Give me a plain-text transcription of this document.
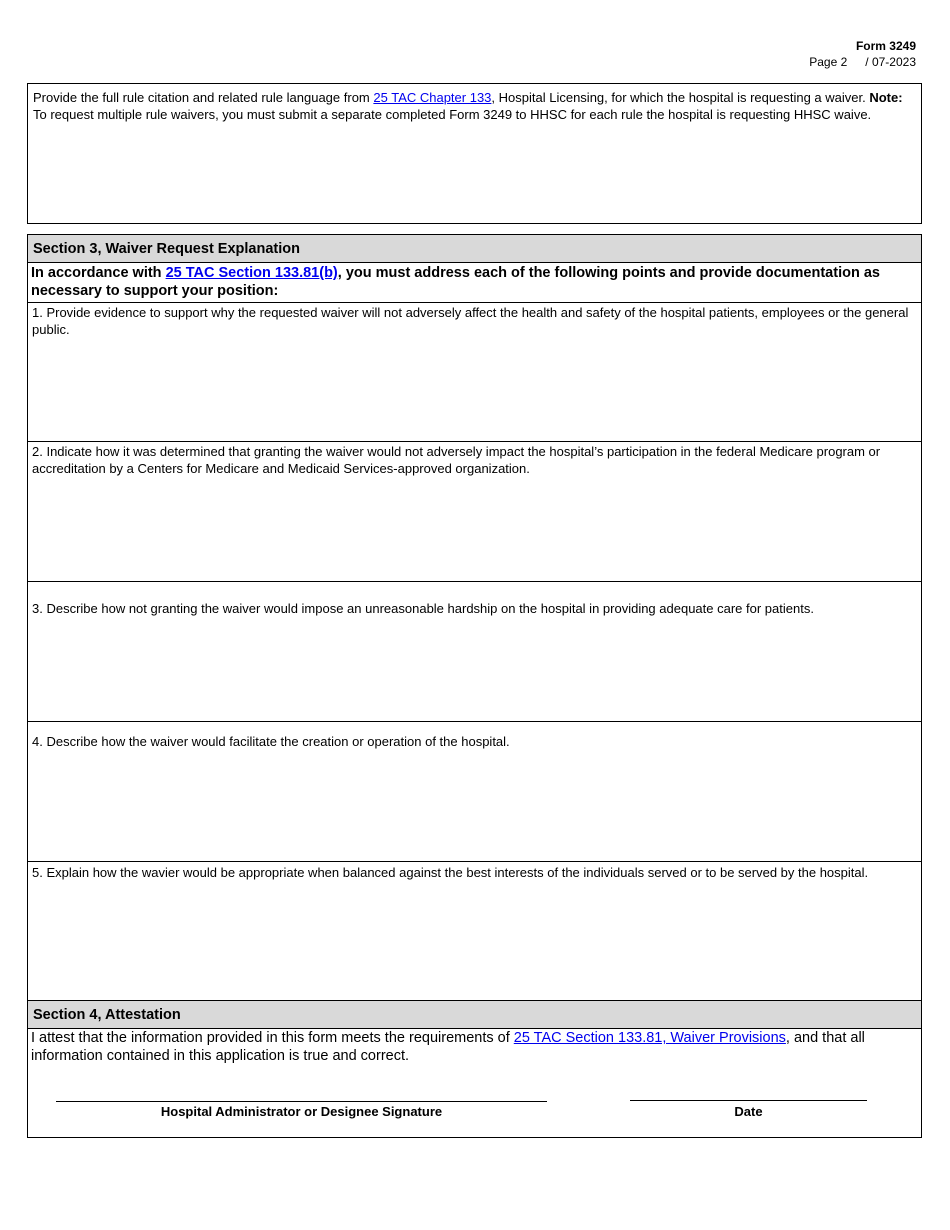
Form 3249
Page 2 / 07-2023
Provide the full rule citation and related rule language from 25 TAC Chapter 133, Hospital Licensing, for which the hospital is requesting a waiver. Note: To request multiple rule waivers, you must submit a separate completed Form 3249 to HHSC for each rule the hospital is requesting HHSC waive.
Section 3, Waiver Request Explanation
In accordance with 25 TAC Section 133.81(b), you must address each of the following points and provide documentation as necessary to support your position:
1. Provide evidence to support why the requested waiver will not adversely affect the health and safety of the hospital patients, employees or the general public.
2. Indicate how it was determined that granting the waiver would not adversely impact the hospital’s participation in the federal Medicare program or accreditation by a Centers for Medicare and Medicaid Services-approved organization.
3. Describe how not granting the waiver would impose an unreasonable hardship on the hospital in providing adequate care for patients.
4. Describe how the waiver would facilitate the creation or operation of the hospital.
5. Explain how the wavier would be appropriate when balanced against the best interests of the individuals served or to be served by the hospital.
Section 4, Attestation
I attest that the information provided in this form meets the requirements of 25 TAC Section 133.81, Waiver Provisions, and that all information contained in this application is true and correct.
Hospital Administrator or Designee Signature	Date
